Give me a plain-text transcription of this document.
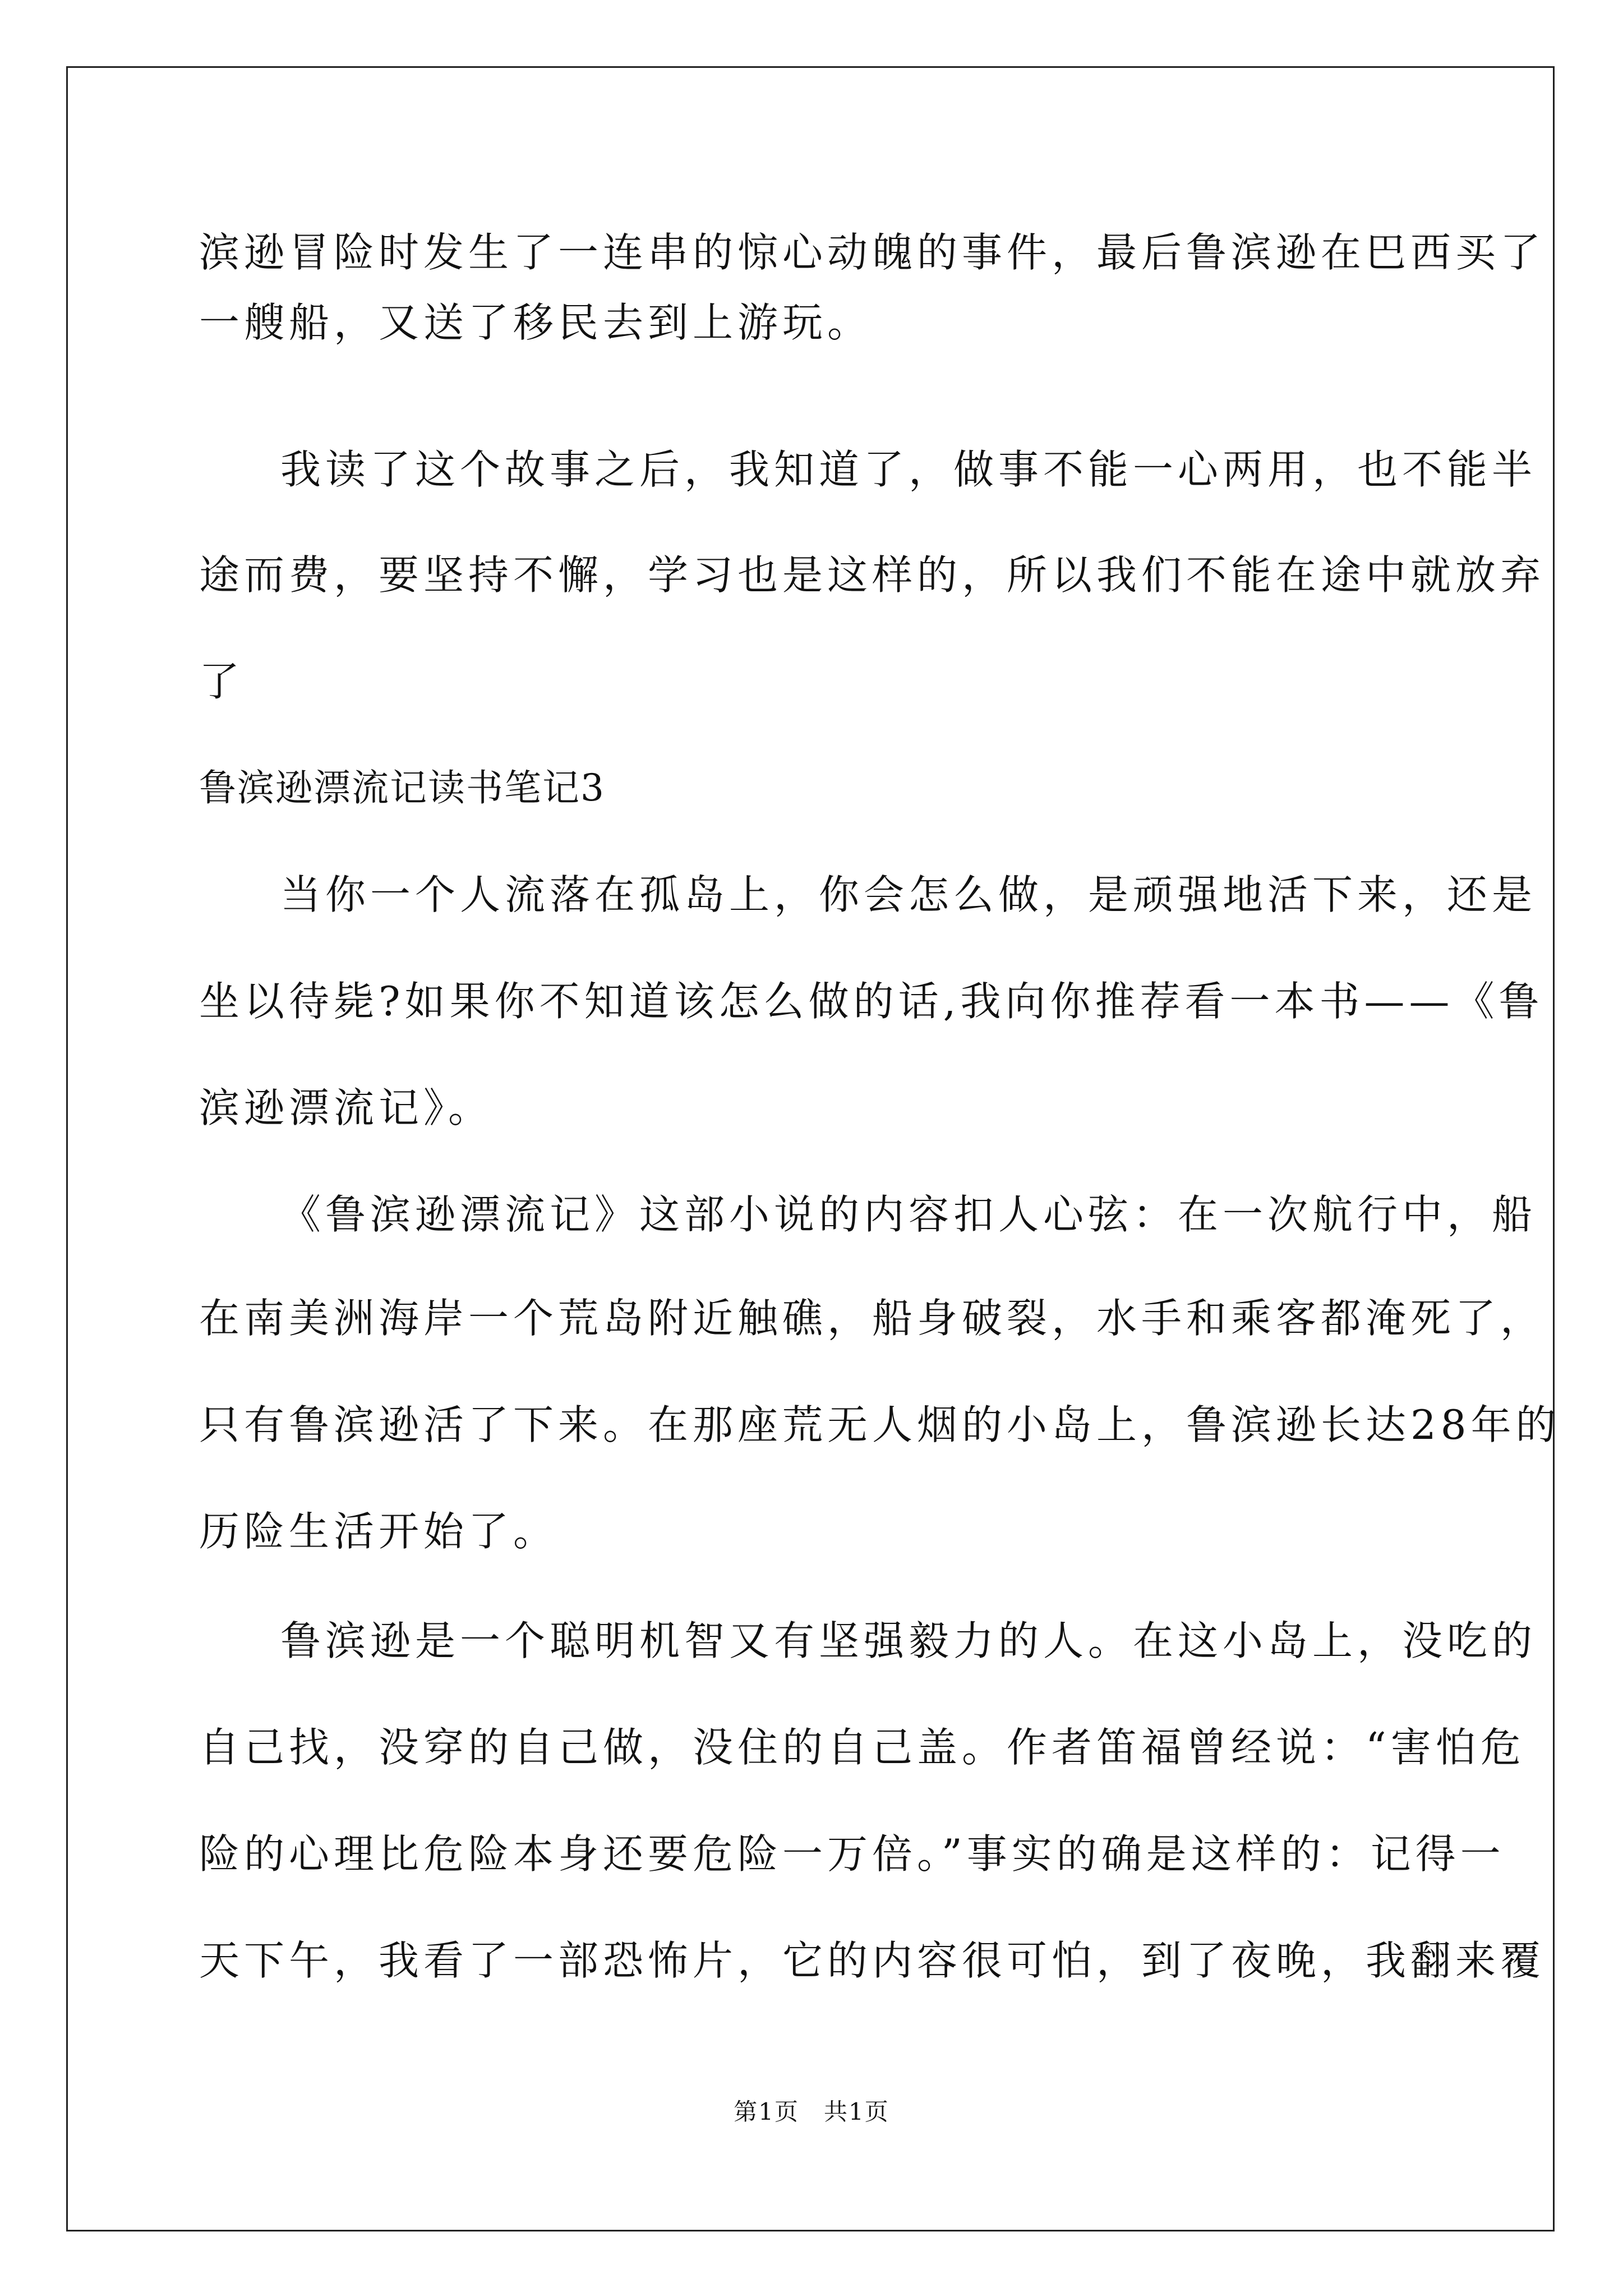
滨逊冒险时发生了一连串的惊心动魄的事件，最后鲁滨逊在巴西买了
一艘船，又送了移民去到上游玩。
我读了这个故事之后，我知道了，做事不能一心两用，也不能半
途而费，要坚持不懈，学习也是这样的，所以我们不能在途中就放弃
了
鲁滨逊漂流记读书笔记3
当你一个人流落在孤岛上，你会怎么做，是顽强地活下来，还是
坐以待毙?如果你不知道该怎么做的话,我向你推荐看一本书——《鲁
滨逊漂流记》。
《鲁滨逊漂流记》这部小说的内容扣人心弦：在一次航行中，船
在南美洲海岸一个荒岛附近触礁，船身破裂，水手和乘客都淹死了，
只有鲁滨逊活了下来。在那座荒无人烟的小岛上，鲁滨逊长达28年的
历险生活开始了。
鲁滨逊是一个聪明机智又有坚强毅力的人。在这小岛上，没吃的
自己找，没穿的自己做，没住的自己盖。作者笛福曾经说：“害怕危
险的心理比危险本身还要危险一万倍。”事实的确是这样的：记得一
天下午，我看了一部恐怖片，它的内容很可怕，到了夜晚，我翻来覆
第1页　共1页
